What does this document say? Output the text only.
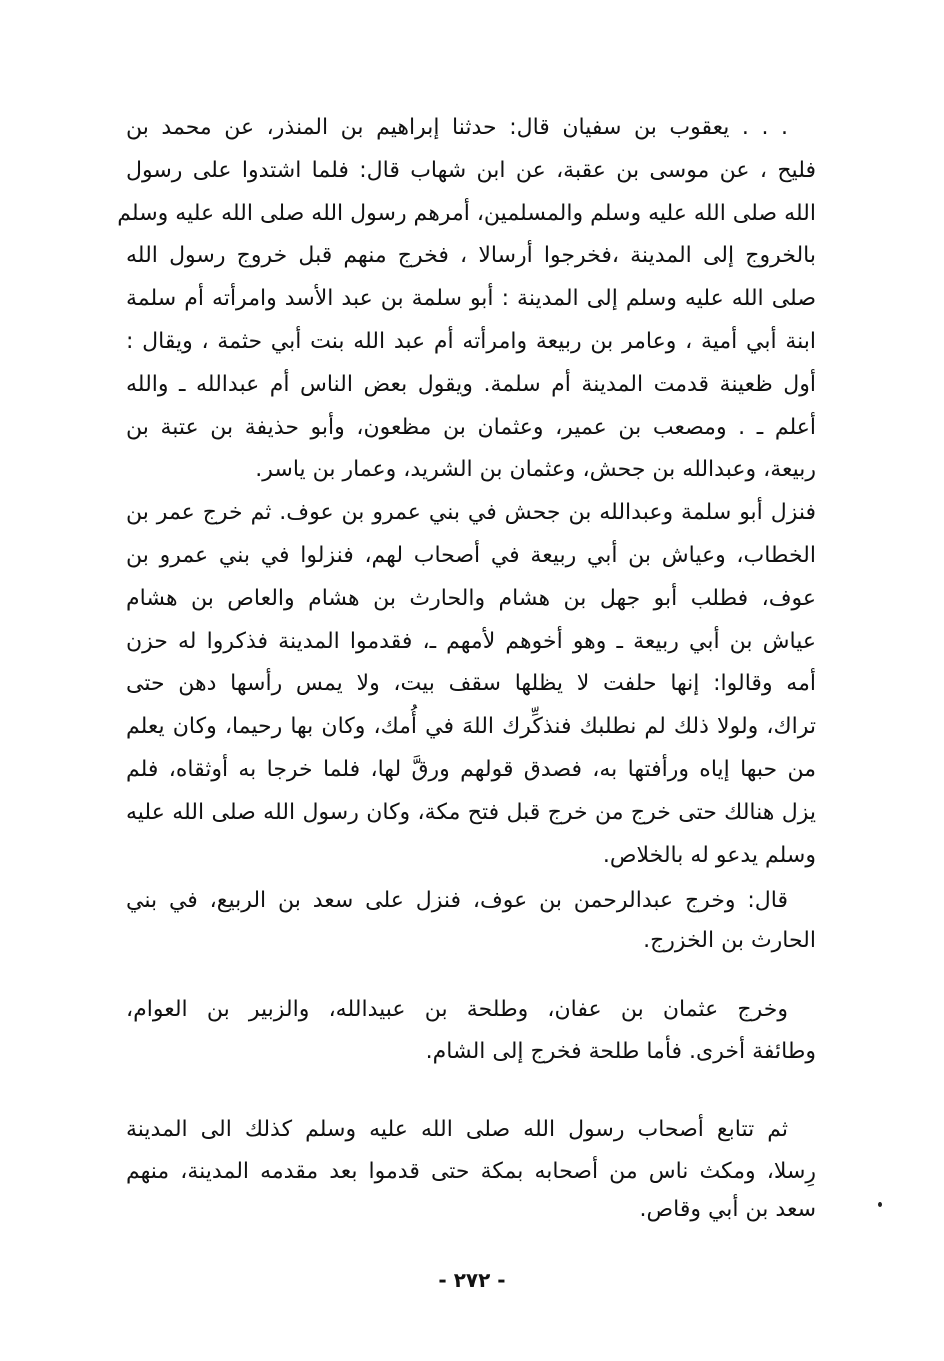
. . . يعقوب بن سفيان قال: حدثنا إبراهيم بن المنذر، عن محمد بن
فليح ، عن موسى بن عقبة، عن ابن شهاب قال: فلما اشتدوا على رسول
الله صلى الله عليه وسلم والمسلمين، أمرهم رسول الله صلى الله عليه وسلم
بالخروج إلى المدينة ،فخرجوا أرسالا ، فخرج منهم قبل خروج رسول الله
صلى الله عليه وسلم إلى المدينة : أبو سلمة بن عبد الأسد وامرأته أم سلمة
ابنة أبي أمية ، وعامر بن ربيعة وامرأته أم عبد الله بنت أبي حثمة ، ويقال :
أول ظعينة قدمت المدينة أم سلمة. ويقول بعض الناس أم عبدالله ـ والله
أعلم ـ . ومصعب بن عمير، وعثمان بن مظعون، وأبو حذيفة بن عتبة بن
ربيعة، وعبدالله بن جحش، وعثمان بن الشريد، وعمار بن ياسر.
فنزل أبو سلمة وعبدالله بن جحش في بني عمرو بن عوف. ثم خرج عمر بن
الخطاب، وعياش بن أبي ربيعة في أصحاب لهم، فنزلوا في بني عمرو بن
عوف، فطلب أبو جهل بن هشام والحارث بن هشام والعاص بن هشام
عياش بن أبي ربيعة ـ وهو أخوهم لأمهم ـ، فقدموا المدينة فذكروا له حزن
أمه وقالوا: إنها حلفت لا يظلها سقف بيت، ولا يمس رأسها دهن حتى
تراك، ولولا ذلك لم نطلبك فنذكِّرك اللهَ في أُمك، وكان بها رحيما، وكان يعلم
من حبها إياه ورأفتها به، فصدق قولهم ورقَّ لها، فلما خرجا به أوثقاه، فلم
يزل هنالك حتى خرج من خرج قبل فتح مكة، وكان رسول الله صلى الله عليه
وسلم يدعو له بالخلاص.
قال: وخرج عبدالرحمن بن عوف، فنزل على سعد بن الربيع، في بني
الحارث بن الخزرج.
وخرج عثمان بن عفان، وطلحة بن عبيدالله، والزبير بن العوام،
وطائفة أخرى. فأما طلحة فخرج إلى الشام.
ثم تتابع أصحاب رسول الله صلى الله عليه وسلم كذلك الى المدينة
رِسلا، ومكث ناس من أصحابه بمكة حتى قدموا بعد مقدمه المدينة، منهم
سعد بن أبي وقاص.
- ٢٧٢ -
